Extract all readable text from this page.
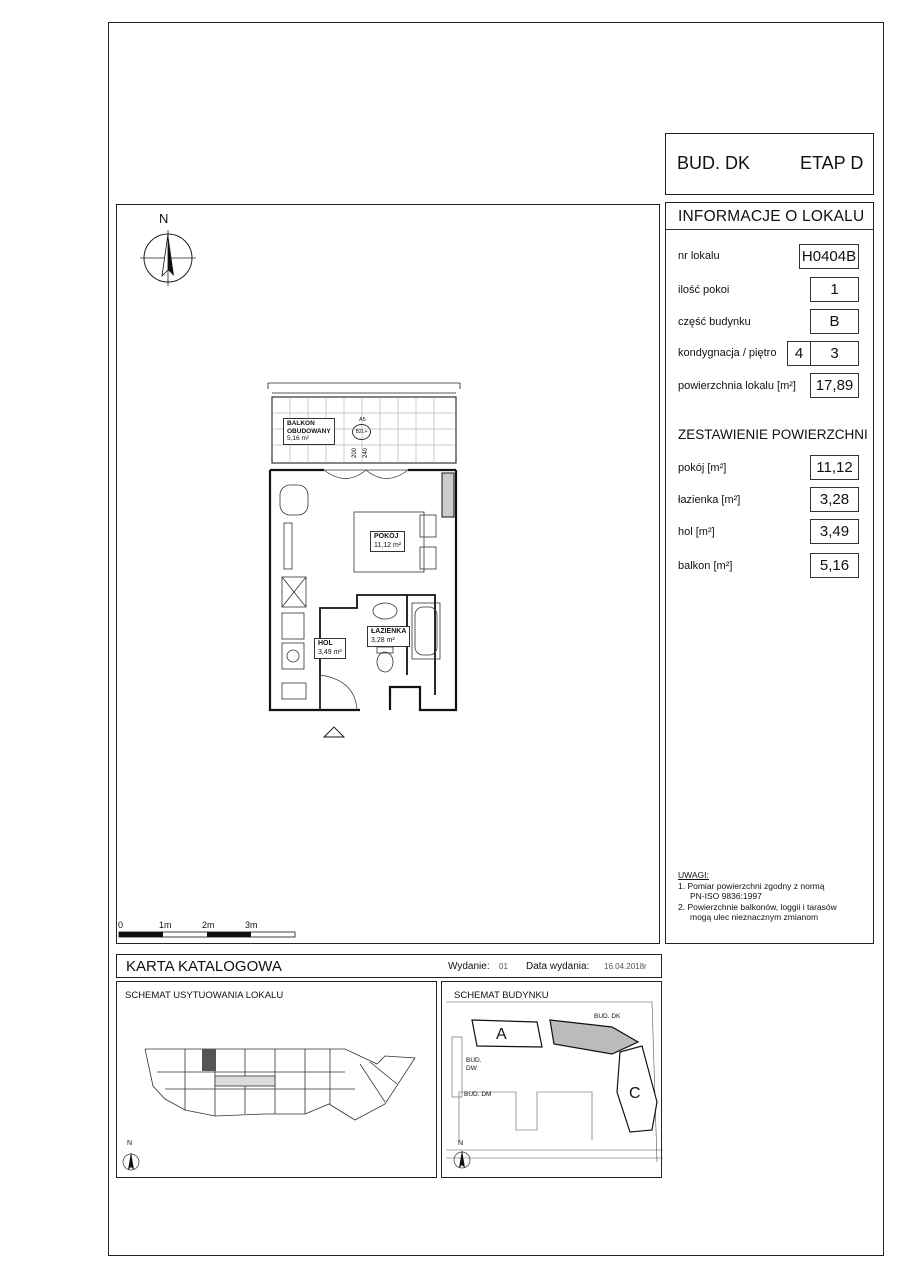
BUD. DK	ETAP D
INFORMACJE O LOKALU
nr lokalu	H0404B
ilość pokoi	1
część budynku	B
kondygnacja / piętro	4	3
powierzchnia lokalu [m²]	17,89
ZESTAWIENIE POWIERZCHNI
pokój [m²]	11,12
łazienka [m²]	3,28
hol [m²]	3,49
balkon [m²]	5,16
UWAGI:
1. Pomiar powierzchni zgodny z normą
PN-ISO 9836:1997
2. Powierzchnie balkonów, loggii i tarasów
mogą ulec nieznacznym zmianom
N
BALKON
OBUDOWANY
5,16 m²
A5
B2L+
200 240
POKÓJ
11,12 m²
ŁAZIENKA
3,28 m²
HOL
3,49 m²
0	1m	2m	3m
KARTA KATALOGOWA	Wydanie: 01 Data wydania: 16.04.2018r
SCHEMAT USYTUOWANIA LOKALU
N
SCHEMAT BUDYNKU
A
C
BUD. DK
BUD.
DW
BUD. DM
N
